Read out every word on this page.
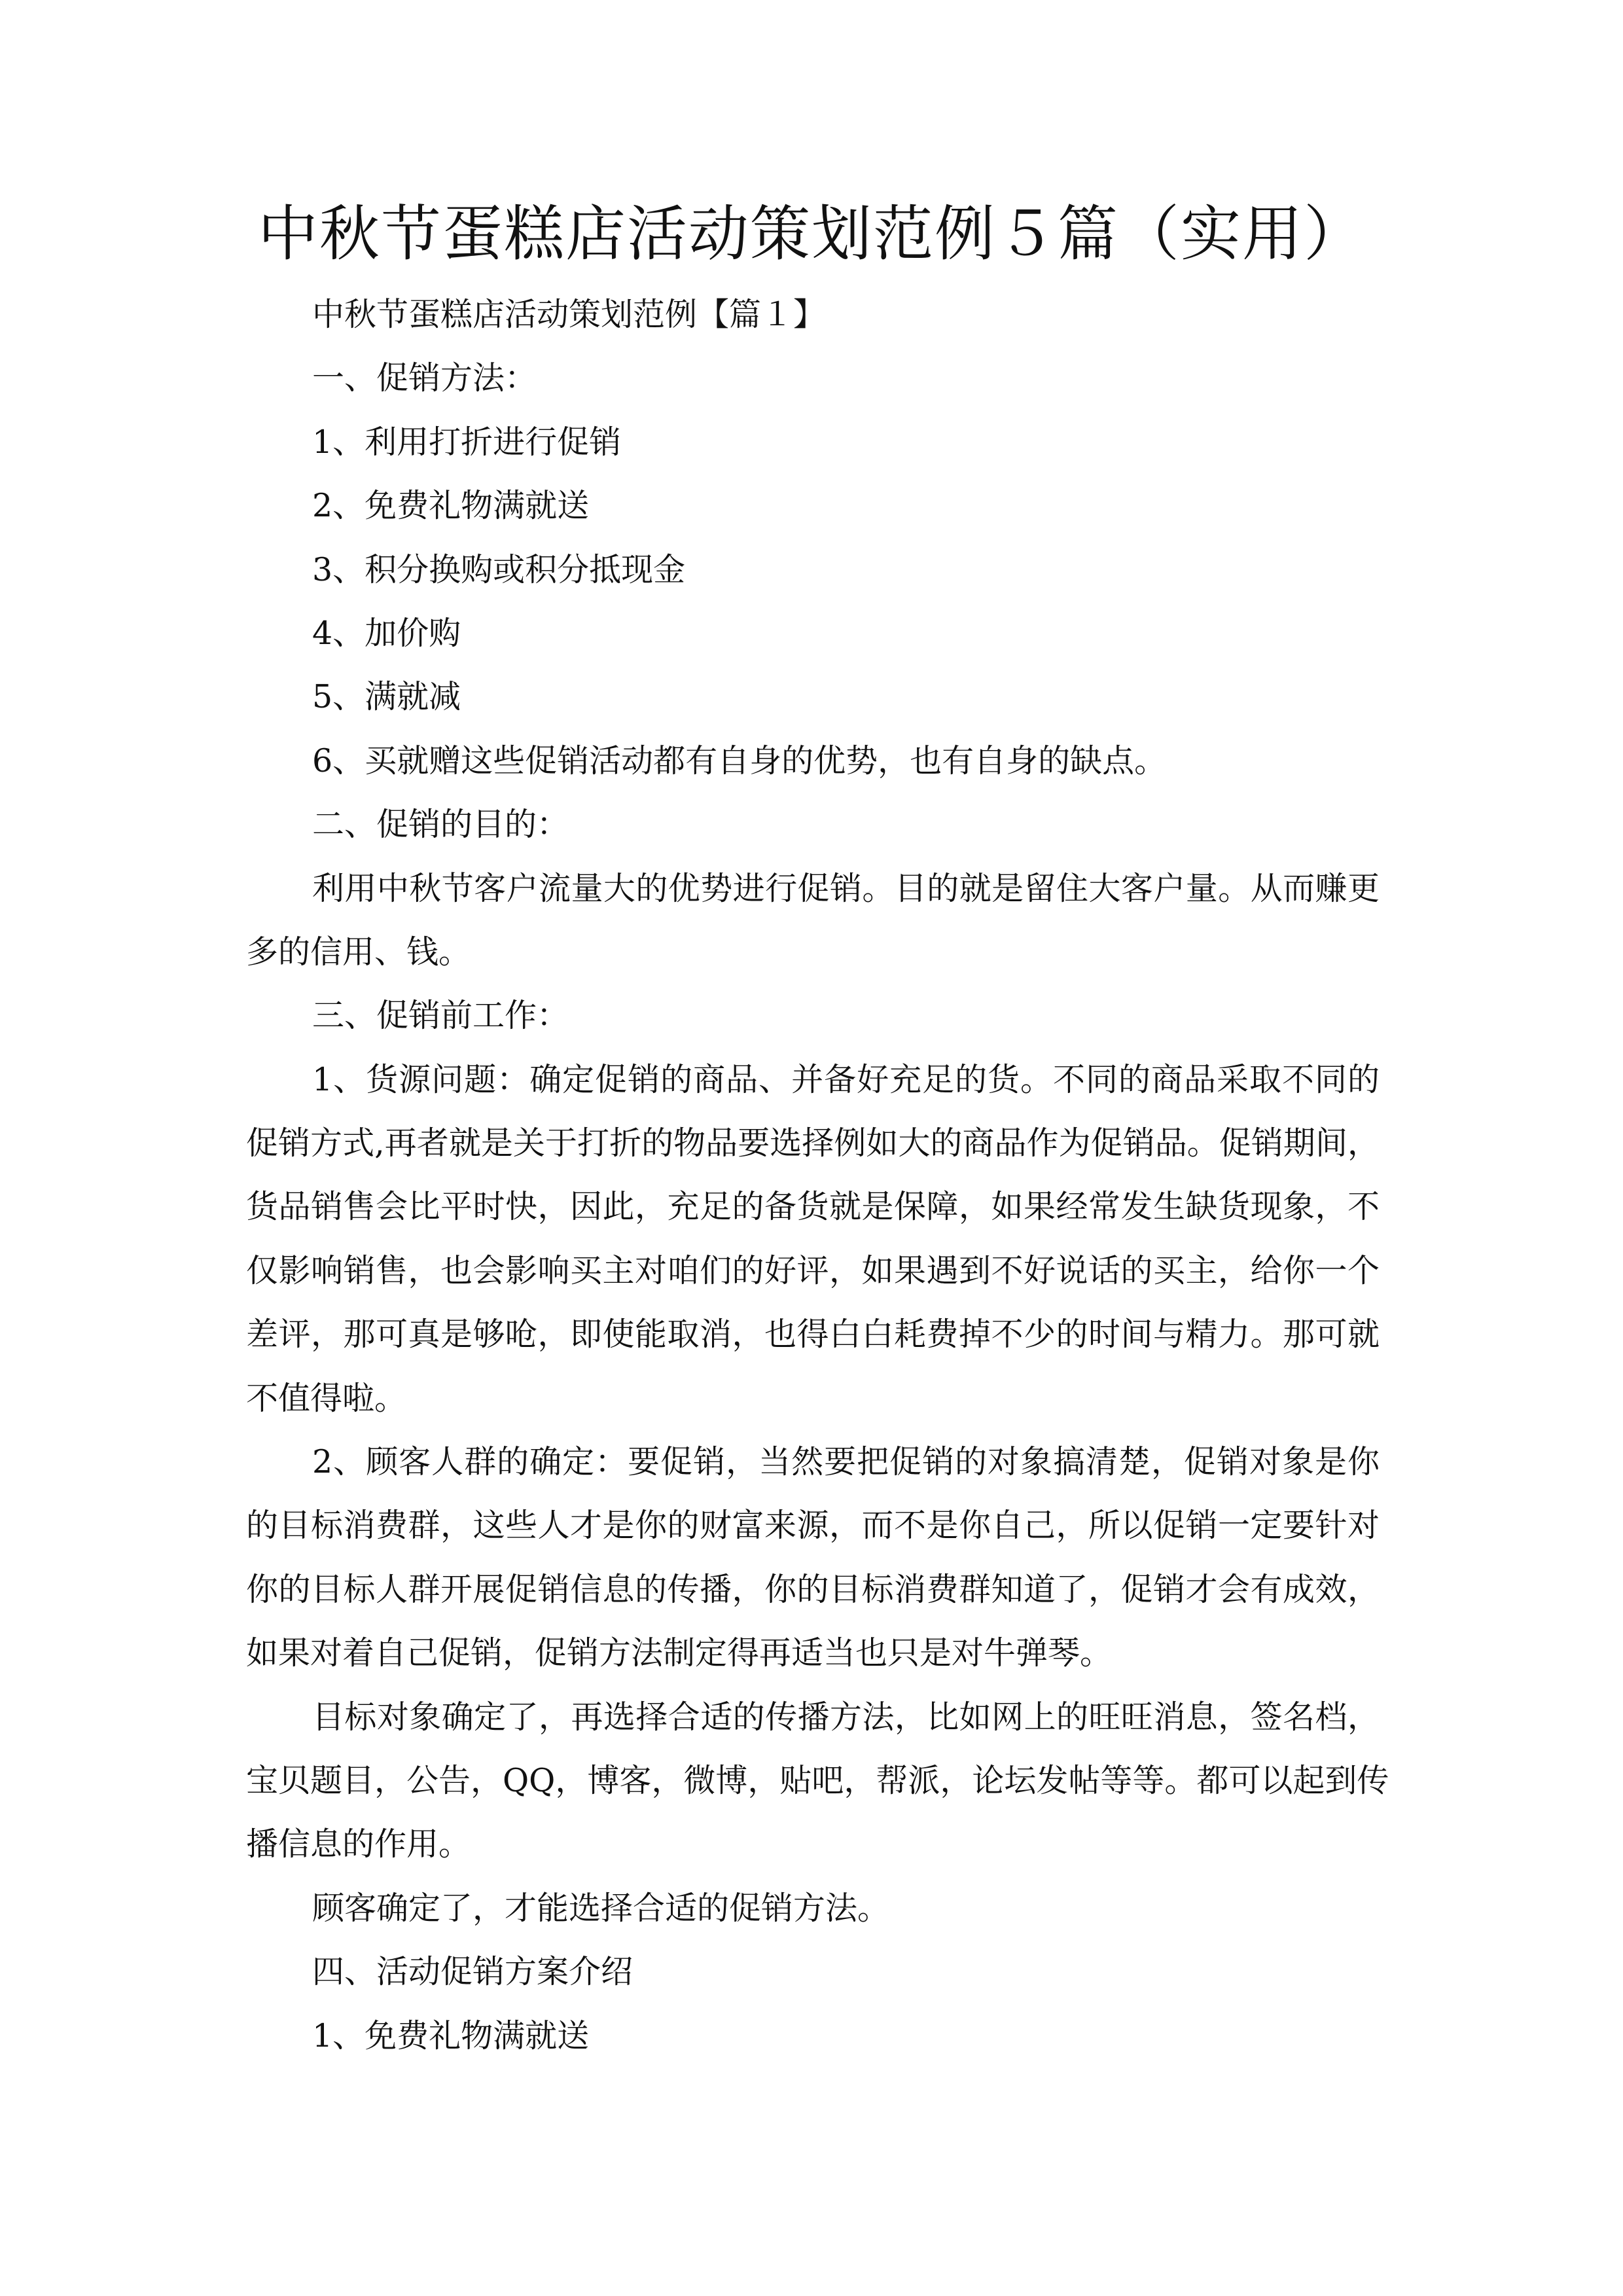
中秋节蛋糕店活动策划范例５篇（实用）
中秋节蛋糕店活动策划范例【篇１】
一、促销方法：
1、利用打折进行促销
2、免费礼物满就送
3、积分换购或积分抵现金
4、加价购
5、满就减
6、买就赠这些促销活动都有自身的优势，也有自身的缺点。
二、促销的目的：
利用中秋节客户流量大的优势进行促销。目的就是留住大客户量。从而赚更
多的信用、钱。
三、促销前工作：
1、货源问题：确定促销的商品、并备好充足的货。不同的商品采取不同的
促销方式,再者就是关于打折的物品要选择例如大的商品作为促销品。促销期间，
货品销售会比平时快，因此，充足的备货就是保障，如果经常发生缺货现象，不
仅影响销售，也会影响买主对咱们的好评，如果遇到不好说话的买主，给你一个
差评，那可真是够呛，即使能取消，也得白白耗费掉不少的时间与精力。那可就
不值得啦。
2、顾客人群的确定：要促销，当然要把促销的对象搞清楚，促销对象是你
的目标消费群，这些人才是你的财富来源，而不是你自己，所以促销一定要针对
你的目标人群开展促销信息的传播，你的目标消费群知道了，促销才会有成效，
如果对着自己促销，促销方法制定得再适当也只是对牛弹琴。
目标对象确定了，再选择合适的传播方法，比如网上的旺旺消息，签名档，
宝贝题目，公告，QQ，博客，微博，贴吧，帮派，论坛发帖等等。都可以起到传
播信息的作用。
顾客确定了，才能选择合适的促销方法。
四、活动促销方案介绍
1、免费礼物满就送
